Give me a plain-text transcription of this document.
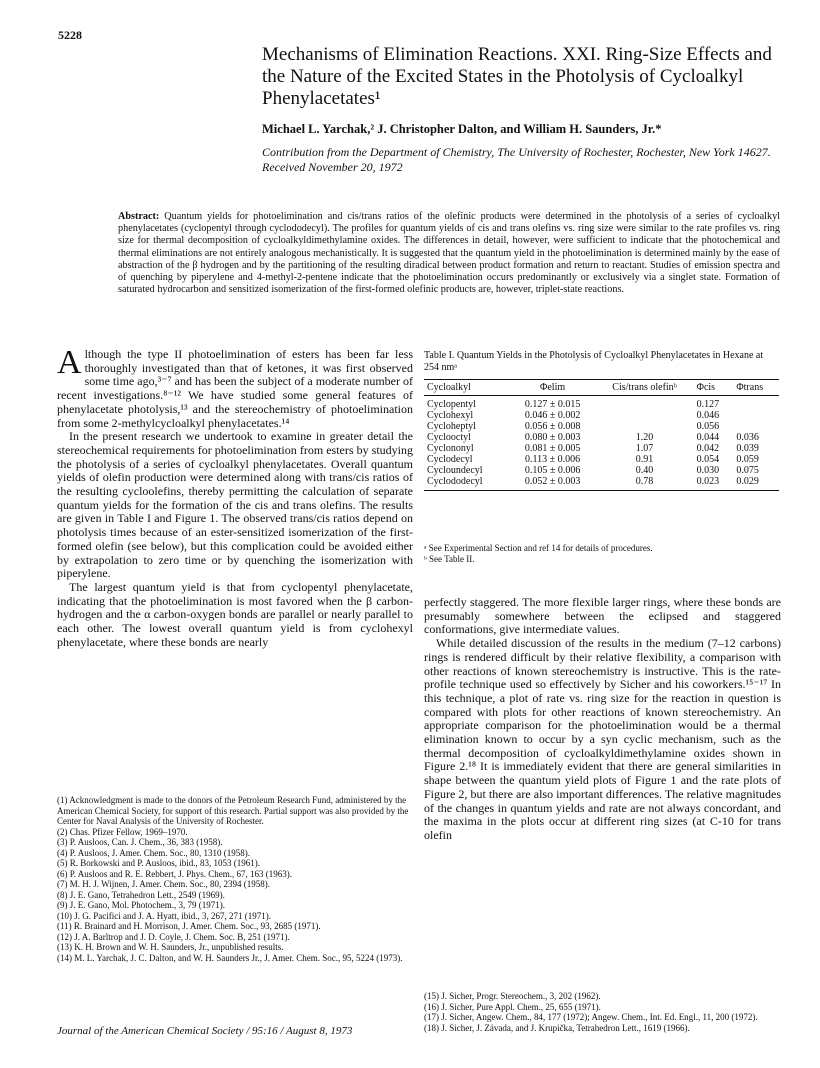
5228
Mechanisms of Elimination Reactions. XXI. Ring-Size Effects and the Nature of the Excited States in the Photolysis of Cycloalkyl Phenylacetates¹
Michael L. Yarchak,² J. Christopher Dalton, and William H. Saunders, Jr.*
Contribution from the Department of Chemistry, The University of Rochester, Rochester, New York 14627. Received November 20, 1972
Abstract: Quantum yields for photoelimination and cis/trans ratios of the olefinic products were determined in the photolysis of a series of cycloalkyl phenylacetates (cyclopentyl through cyclododecyl). The profiles for quantum yields of cis and trans olefins vs. ring size were similar to the rate profiles vs. ring size for thermal decomposition of cycloalkyldimethylamine oxides. The differences in detail, however, were sufficient to indicate that the photochemical and thermal eliminations are not entirely analogous mechanistically. It is suggested that the quantum yield in the photoelimination is determined mainly by the ease of abstraction of the β hydrogen and by the partitioning of the resulting diradical between product formation and return to reactant. Studies of emission spectra and of quenching by piperylene and 4-methyl-2-pentene indicate that the photoelimination occurs predominantly or exclusively via a singlet state. Formation of saturated hydrocarbon and sensitized isomerization of the first-formed olefinic products are, however, triplet-state reactions.

Although the type II photoelimination of esters has been far less thoroughly investigated than that of ketones, it was first observed some time ago,³⁻⁷ and has been the subject of a moderate number of recent investigations.⁸⁻¹² We have studied some general features of phenylacetate photolysis,¹³ and the stereochemistry of photoelimination from some 2-methylcycloalkyl phenylacetates.¹⁴

In the present research we undertook to examine in greater detail the stereochemical requirements for photoelimination from esters by studying the photolysis of a series of cycloalkyl phenylacetates. Overall quantum yields of olefin production were determined along with trans/cis ratios of the resulting cycloolefins, thereby permitting the calculation of separate quantum yields for the formation of the cis and trans olefins. The results are given in Table I and Figure 1. The observed trans/cis ratios depend on photolysis times because of an ester-sensitized isomerization of the first-formed olefin (see below), but this complication could be avoided either by extrapolation to zero time or by quenching the isomerization with piperylene.

The largest quantum yield is that from cyclopentyl phenylacetate, indicating that the photoelimination is most favored when the β carbon-hydrogen and the α carbon-oxygen bonds are parallel or nearly parallel to each other. The lowest overall quantum yield is from cyclohexyl phenylacetate, where these bonds are nearly

(1) Acknowledgment is made to the donors of the Petroleum Research Fund, administered by the American Chemical Society, for support of this research. Partial support was also provided by the Center for Naval Analysis of the University of Rochester.
(2) Chas. Pfizer Fellow, 1969–1970.
(3) P. Ausloos, Can. J. Chem., 36, 383 (1958).
(4) P. Ausloos, J. Amer. Chem. Soc., 80, 1310 (1958).
(5) R. Borkowski and P. Ausloos, ibid., 83, 1053 (1961).
(6) P. Ausloos and R. E. Rebbert, J. Phys. Chem., 67, 163 (1963).
(7) M. H. J. Wijnen, J. Amer. Chem. Soc., 80, 2394 (1958).
(8) J. E. Gano, Tetrahedron Lett., 2549 (1969).
(9) J. E. Gano, Mol. Photochem., 3, 79 (1971).
(10) J. G. Pacifici and J. A. Hyatt, ibid., 3, 267, 271 (1971).
(11) R. Brainard and H. Morrison, J. Amer. Chem. Soc., 93, 2685 (1971).
(12) J. A. Barltrop and J. D. Coyle, J. Chem. Soc. B, 251 (1971).
(13) K. H. Brown and W. H. Saunders, Jr., unpublished results.
(14) M. L. Yarchak, J. C. Dalton, and W. H. Saunders Jr., J. Amer. Chem. Soc., 95, 5224 (1973).
Table I. Quantum Yields in the Photolysis of Cycloalkyl Phenylacetates in Hexane at 254 nmᵃ
Cycloalkyl	Φelim	Cis/trans olefinᵇ	Φcis	Φtrans
Cyclopentyl	0.127 ± 0.015		0.127	
Cyclohexyl	0.046 ± 0.002		0.046	
Cycloheptyl	0.056 ± 0.008		0.056	
Cyclooctyl	0.080 ± 0.003	1.20	0.044	0.036
Cyclononyl	0.081 ± 0.005	1.07	0.042	0.039
Cyclodecyl	0.113 ± 0.006	0.91	0.054	0.059
Cycloundecyl	0.105 ± 0.006	0.40	0.030	0.075
Cyclododecyl	0.052 ± 0.003	0.78	0.023	0.029
ᵃ See Experimental Section and ref 14 for details of procedures.
ᵇ See Table II.

perfectly staggered. The more flexible larger rings, where these bonds are presumably somewhere between the eclipsed and staggered conformations, give intermediate values.

While detailed discussion of the results in the medium (7–12 carbons) rings is rendered difficult by their relative flexibility, a comparison with other reactions of known stereochemistry is instructive. This is the rate-profile technique used so effectively by Sicher and his coworkers.¹⁵⁻¹⁷ In this technique, a plot of rate vs. ring size for the reaction in question is compared with plots for other reactions of known stereochemistry. An appropriate comparison for the photoelimination would be a thermal elimination known to occur by a syn cyclic mechanism, such as the thermal decomposition of cycloalkyldimethylamine oxides shown in Figure 2.¹⁸ It is immediately evident that there are general similarities in shape between the quantum yield plots of Figure 1 and the rate plots of Figure 2, but there are also important differences. The relative magnitudes of the changes in quantum yields and rate are not always concordant, and the maxima in the plots occur at different ring sizes (at C-10 for trans olefin

(15) J. Sicher, Progr. Stereochem., 3, 202 (1962).
(16) J. Sicher, Pure Appl. Chem., 25, 655 (1971).
(17) J. Sicher, Angew. Chem., 84, 177 (1972); Angew. Chem., Int. Ed. Engl., 11, 200 (1972).
(18) J. Sicher, J. Závada, and J. Krupička, Tetrahedron Lett., 1619 (1966).
Journal of the American Chemical Society / 95:16 / August 8, 1973
